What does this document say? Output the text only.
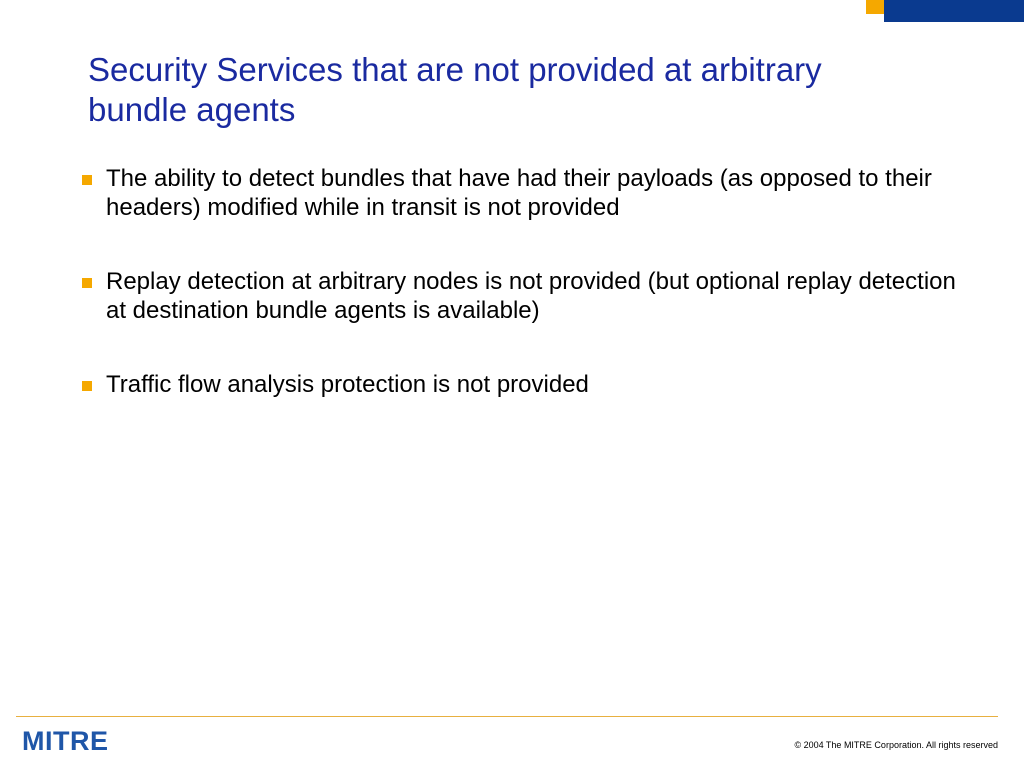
Security Services that are not provided at arbitrary bundle agents
The ability to detect bundles that have had their payloads (as opposed to their headers) modified while in transit is not provided
Replay detection at arbitrary nodes is not provided (but optional replay detection at destination bundle agents is available)
Traffic flow analysis protection is not provided
MITRE	© 2004 The MITRE Corporation. All rights reserved
